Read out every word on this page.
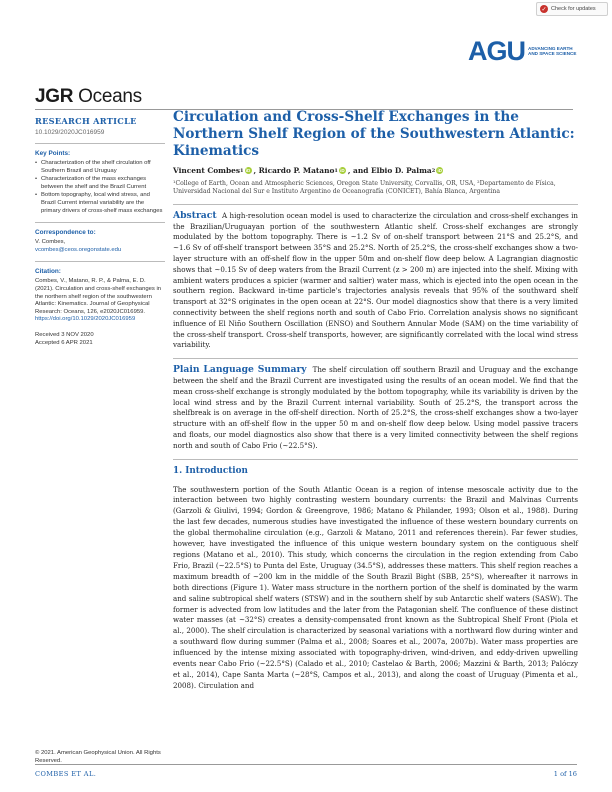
✓ Check for updates
AGU ADVANCING EARTH AND SPACE SCIENCE
JGR Oceans
RESEARCH ARTICLE
10.1029/2020JC016959
Key Points:
• Characterization of the shelf circulation off Southern Brazil and Uruguay
• Characterization of the mass exchanges between the shelf and the Brazil Current
• Bottom topography, local wind stress, and Brazil Current internal variability are the primary drivers of cross-shelf mass exchanges
Correspondence to:
V. Combes,
vcombes@ceos.oregonstate.edu
Citation:
Combes, V., Matano, R. P., & Palma, E. D. (2021). Circulation and cross-shelf exchanges in the northern shelf region of the southwestern Atlantic: Kinematics. Journal of Geophysical Research: Oceans, 126, e2020JC016959.
https://doi.org/10.1029/2020JC016959
Received 3 NOV 2020
Accepted 6 APR 2021
© 2021. American Geophysical Union. All Rights Reserved.
Circulation and Cross-Shelf Exchanges in the Northern Shelf Region of the Southwestern Atlantic: Kinematics
Vincent Combes 1 iD , Ricardo P. Matano 1 iD , and Elbio D. Palma 2 iD
¹College of Earth, Ocean and Atmospheric Sciences, Oregon State University, Corvallis, OR, USA, ²Departamento de Física, Universidad Nacional del Sur e Instituto Argentino de Oceanografía (CONICET), Bahía Blanca, Argentina

Abstract A high-resolution ocean model is used to characterize the circulation and cross-shelf exchanges in the Brazilian/Uruguayan portion of the southwestern Atlantic shelf. Cross-shelf exchanges are strongly modulated by the bottom topography. There is ~1.2 Sv of on-shelf transport between 21°S and 25.2°S, and ~1.6 Sv of off-shelf transport between 35°S and 25.2°S. North of 25.2°S, the cross-shelf exchanges show a two-layer structure with an off-shelf flow in the upper 50m and on-shelf flow deep below. A Lagrangian diagnostic shows that ~0.15 Sv of deep waters from the Brazil Current (z > 200 m) are injected into the shelf. Mixing with ambient waters produces a spicier (warmer and saltier) water mass, which is ejected into the open ocean in the southern region. Backward in-time particle's trajectories analysis reveals that 95% of the southward shelf transport at 32°S originates in the open ocean at 22°S. Our model diagnostics show that there is a very limited connectivity between the shelf regions north and south of Cabo Frio. Correlation analysis shows no significant influence of El Niño Southern Oscillation (ENSO) and Southern Annular Mode (SAM) on the time variability of the cross-shelf transport. Cross-shelf transports, however, are significantly correlated with the local wind stress variability.

Plain Language Summary The shelf circulation off southern Brazil and Uruguay and the exchange between the shelf and the Brazil Current are investigated using the results of an ocean model. We find that the mean cross-shelf exchange is strongly modulated by the bottom topography, while its variability is driven by the local wind stress and by the Brazil Current internal variability. South of 25.2°S, the transport across the shelfbreak is on average in the off-shelf direction. North of 25.2°S, the cross-shelf exchanges show a two-layer structure with an off-shelf flow in the upper 50 m and on-shelf flow deep below. Using model passive tracers and floats, our model diagnostics also show that there is a very limited connectivity between the shelf regions north and south of Cabo Frio (~22.5°S).

1. Introduction

The southwestern portion of the South Atlantic Ocean is a region of intense mesoscale activity due to the interaction between two highly contrasting western boundary currents: the Brazil and Malvinas Currents (Garzoli & Giulivi, 1994; Gordon & Greengrove, 1986; Matano & Philander, 1993; Olson et al., 1988). During the last few decades, numerous studies have investigated the influence of these western boundary currents on the global thermohaline circulation (e.g., Garzoli & Matano, 2011 and references therein). Far fewer studies, however, have investigated the influence of this unique western boundary system on the contiguous shelf regions (Matano et al., 2010). This study, which concerns the circulation in the region extending from Cabo Frio, Brazil (~22.5°S) to Punta del Este, Uruguay (34.5°S), addresses these matters. This shelf region reaches a maximum breadth of ~200 km in the middle of the South Brazil Bight (SBB, 25°S), whereafter it narrows in both directions (Figure 1). Water mass structure in the northern portion of the shelf is dominated by the warm and saline subtropical shelf waters (STSW) and in the southern shelf by sub Antarctic shelf waters (SASW). The former is advected from low latitudes and the later from the Patagonian shelf. The confluence of these distinct water masses (at ~32°S) creates a density-compensated front known as the Subtropical Shelf Front (Piola et al., 2000). The shelf circulation is characterized by seasonal variations with a northward flow during winter and a southward flow during summer (Palma et al., 2008; Soares et al., 2007a, 2007b). Water mass properties are influenced by the intense mixing associated with topography-driven, wind-driven, and eddy-driven upwelling events near Cabo Frio (~22.5°S) (Calado et al., 2010; Castelao & Barth, 2006; Mazzini & Barth, 2013; Palóczy et al., 2014), Cape Santa Marta (~28°S, Campos et al., 2013), and along the coast of Uruguay (Pimenta et al., 2008). Circulation and

COMBES ET AL.	1 of 16
